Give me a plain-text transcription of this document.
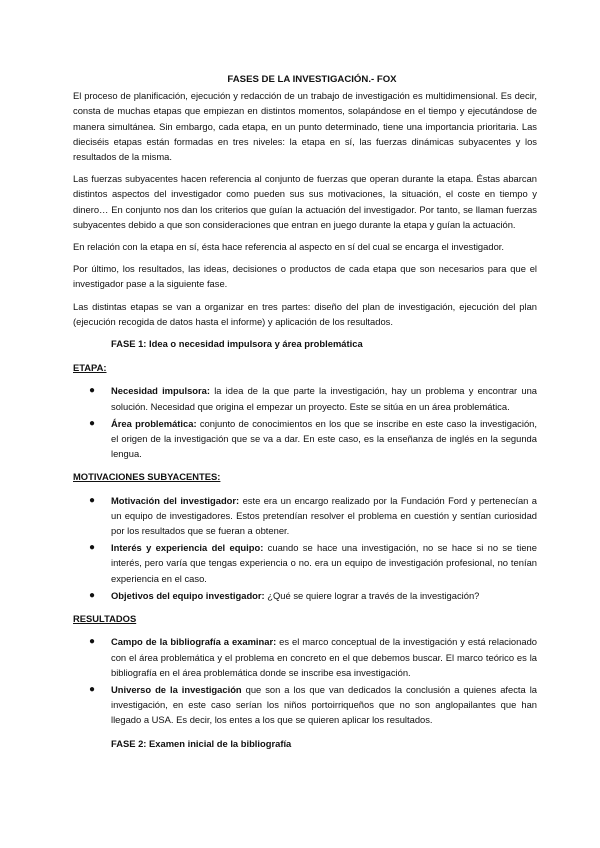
FASES DE LA INVESTIGACIÓN.- FOX

El proceso de planificación, ejecución y redacción de un trabajo de investigación es multidimensional. Es decir, consta de muchas etapas que empiezan en distintos momentos, solapándose en el tiempo y ejecutándose de manera simultánea. Sin embargo, cada etapa, en un punto determinado, tiene una importancia prioritaria. Las dieciséis etapas están formadas en tres niveles: la etapa en sí, las fuerzas dinámicas subyacentes y los resultados de la misma.

Las fuerzas subyacentes hacen referencia al conjunto de fuerzas que operan durante la etapa. Éstas abarcan distintos aspectos del investigador como pueden sus sus motivaciones, la situación, el coste en tiempo y dinero… En conjunto nos dan los criterios que guían la actuación del investigador. Por tanto, se llaman fuerzas subyacentes debido a que son consideraciones que entran en juego durante la etapa y guían la actuación.

En relación con la etapa en sí, ésta hace referencia al aspecto en sí del cual se encarga el investigador.

Por último, los resultados, las ideas, decisiones o productos de cada etapa que son necesarios para que el investigador pase a la siguiente fase.

Las distintas etapas se van a organizar en tres partes: diseño del plan de investigación, ejecución del plan (ejecución recogida de datos hasta el informe) y aplicación de los resultados.

FASE 1: Idea o necesidad impulsora y área problemática
ETAPA:
● Necesidad impulsora: la idea de la que parte la investigación, hay un problema y encontrar una solución. Necesidad que origina el empezar un proyecto. Este se sitúa en un área problemática.
● Área problemática: conjunto de conocimientos en los que se inscribe en este caso la investigación, el origen de la investigación que se va a dar. En este caso, es la enseñanza de inglés en la segunda lengua.
MOTIVACIONES SUBYACENTES:
● Motivación del investigador: este era un encargo realizado por la Fundación Ford y pertenecían a un equipo de investigadores. Estos pretendían resolver el problema en cuestión y sentían curiosidad por los resultados que se fueran a obtener.
● Interés y experiencia del equipo: cuando se hace una investigación, no se hace si no se tiene interés, pero varía que tengas experiencia o no. era un equipo de investigación profesional, no tenían experiencia en el caso.
● Objetivos del equipo investigador: ¿Qué se quiere lograr a través de la investigación?
RESULTADOS
● Campo de la bibliografía a examinar: es el marco conceptual de la investigación y está relacionado con el área problemática y el problema en concreto en el que debemos buscar. El marco teórico es la bibliografía en el área problemática donde se inscribe esa investigación.
● Universo de la investigación que son a los que van dedicados la conclusión a quienes afecta la investigación, en este caso serían los niños portoirriqueños que no son anglopailantes que han llegado a USA. Es decir, los entes a los que se quieren aplicar los resultados.
FASE 2: Examen inicial de la bibliografía
